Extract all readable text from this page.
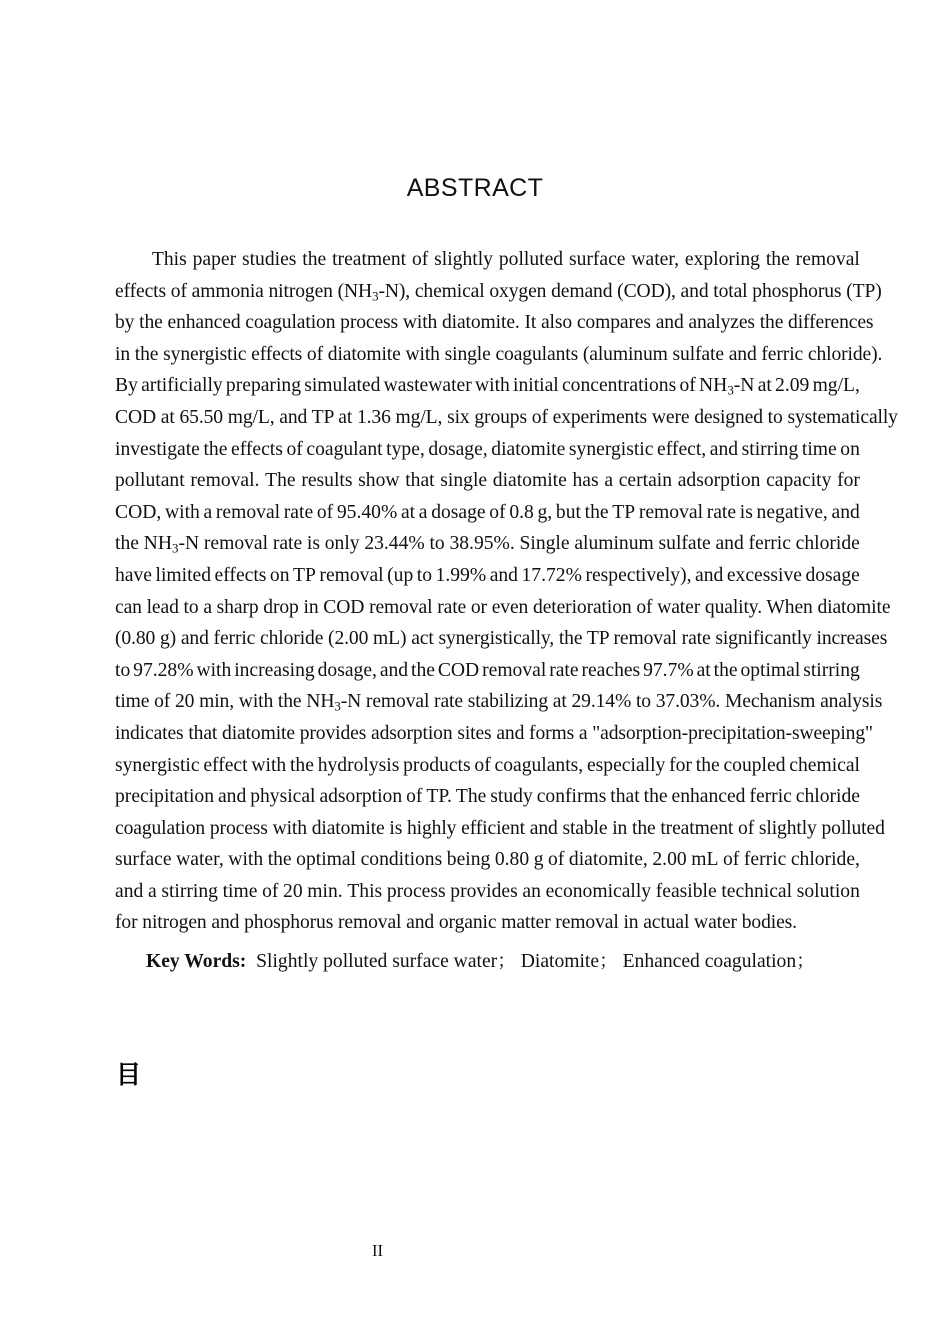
ABSTRACT
This paper studies the treatment of slightly polluted surface water, exploring the removal
effects of ammonia nitrogen $(NH_3-N)$, chemical oxygen demand (COD), and total phosphorus (TP)
by the enhanced coagulation process with diatomite. It also compares and analyzes the differences
in the synergistic effects of diatomite with single coagulants (aluminum sulfate and ferric chloride).
By artificially preparing simulated wastewater with initial concentrations of $NH_3-N$ at 2.09 mg/L,
COD at 65.50 mg/L, and TP at 1.36 mg/L, six groups of experiments were designed to systematically
investigate the effects of coagulant type, dosage, diatomite synergistic effect, and stirring time on
pollutant removal. The results show that single diatomite has a certain adsorption capacity for
COD, with a removal rate of 95.40% at a dosage of 0.8 g, but the TP removal rate is negative, and
the $NH_3-N$ removal rate is only 23.44% to 38.95%. Single aluminum sulfate and ferric chloride
have limited effects on TP removal (up to 1.99% and 17.72% respectively), and excessive dosage
can lead to a sharp drop in COD removal rate or even deterioration of water quality. When diatomite
(0.80 g) and ferric chloride (2.00 mL) act synergistically, the TP removal rate significantly increases
to 97.28% with increasing dosage, and the COD removal rate reaches 97.7% at the optimal stirring
time of 20 min, with the $NH_3-N$ removal rate stabilizing at 29.14% to 37.03%. Mechanism analysis
indicates that diatomite provides adsorption sites and forms a "adsorption-precipitation-sweeping"
synergistic effect with the hydrolysis products of coagulants, especially for the coupled chemical
precipitation and physical adsorption of TP. The study confirms that the enhanced ferric chloride
coagulation process with diatomite is highly efficient and stable in the treatment of slightly polluted
surface water, with the optimal conditions being 0.80 g of diatomite, 2.00 mL of ferric chloride,
and a stirring time of 20 min. This process provides an economically feasible technical solution
for nitrogen and phosphorus removal and organic matter removal in actual water bodies.
Key Words: Slightly polluted surface water； Diatomite； Enhanced coagulation；
目
II
